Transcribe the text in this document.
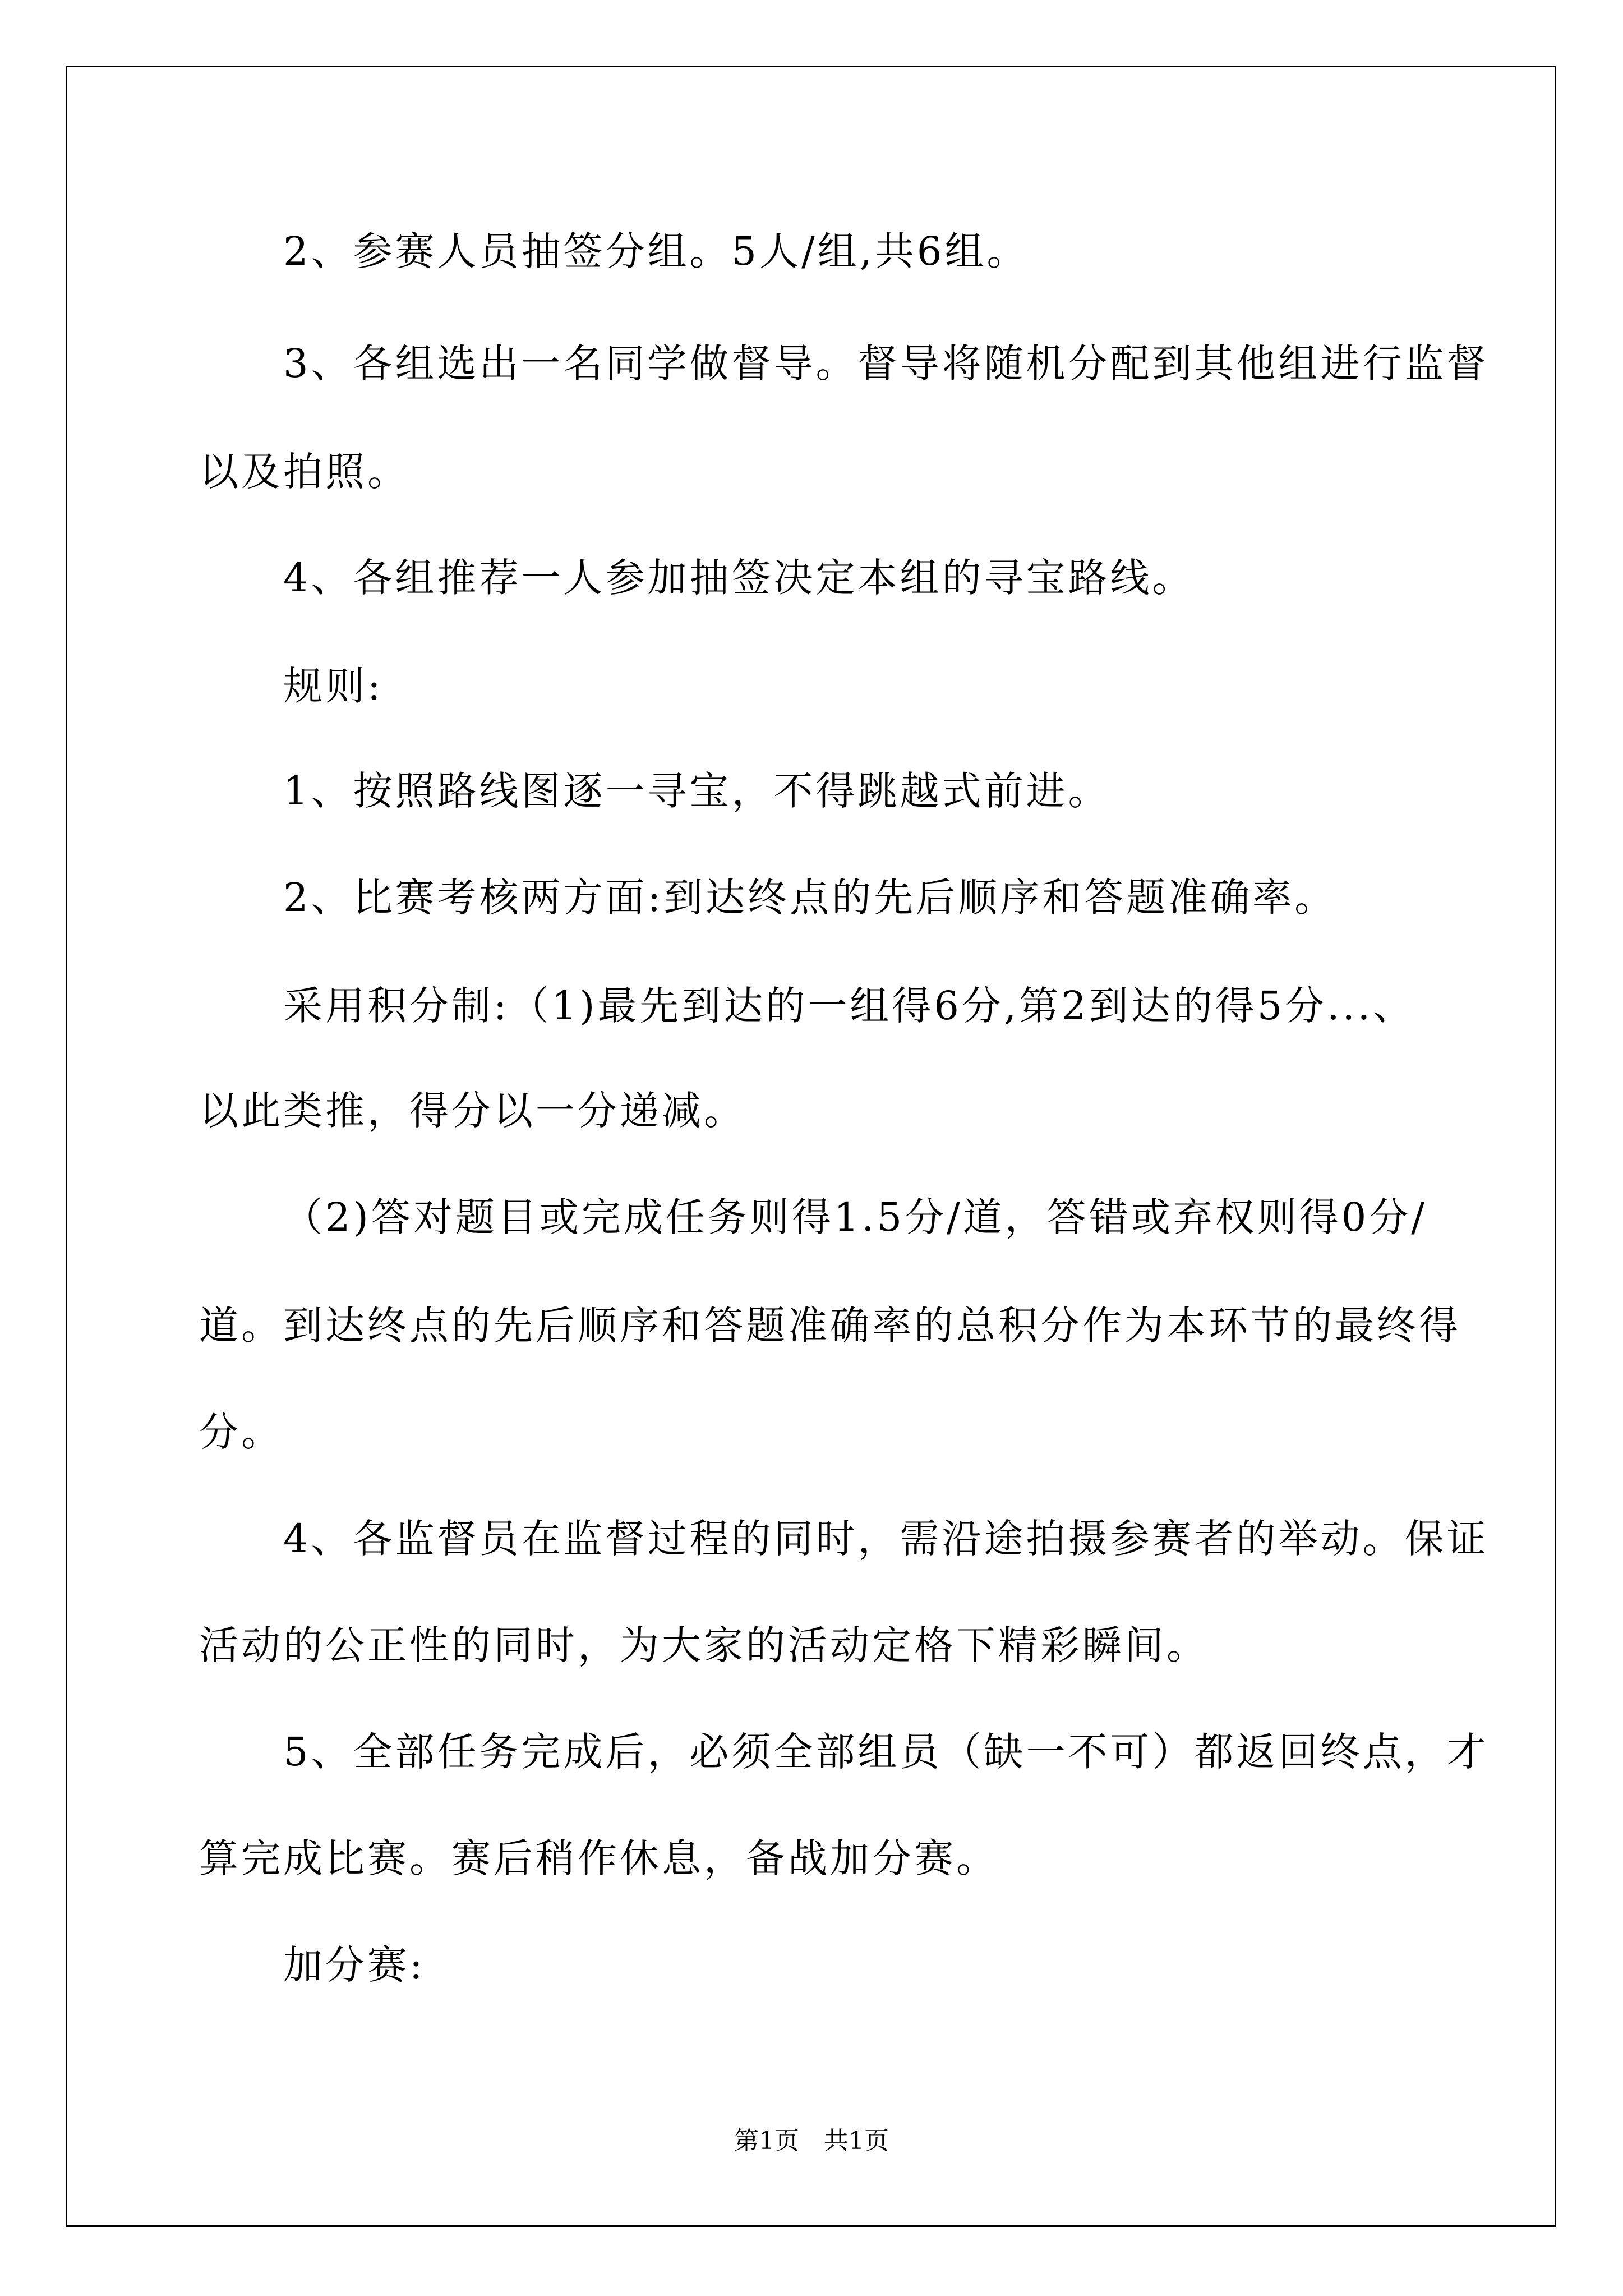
2、参赛人员抽签分组。5人/组,共6组。
3、各组选出一名同学做督导。督导将随机分配到其他组进行监督
以及拍照。
4、各组推荐一人参加抽签决定本组的寻宝路线。
规则:
1、按照路线图逐一寻宝，不得跳越式前进。
2、比赛考核两方面:到达终点的先后顺序和答题准确率。
采用积分制:（1)最先到达的一组得6分,第2到达的得5分...、
以此类推，得分以一分递减。
（2)答对题目或完成任务则得1.5分/道，答错或弃权则得0分/
道。到达终点的先后顺序和答题准确率的总积分作为本环节的最终得
分。
4、各监督员在监督过程的同时，需沿途拍摄参赛者的举动。保证
活动的公正性的同时，为大家的活动定格下精彩瞬间。
5、全部任务完成后，必须全部组员（缺一不可）都返回终点，才
算完成比赛。赛后稍作休息，备战加分赛。
加分赛:
第1页　共1页
